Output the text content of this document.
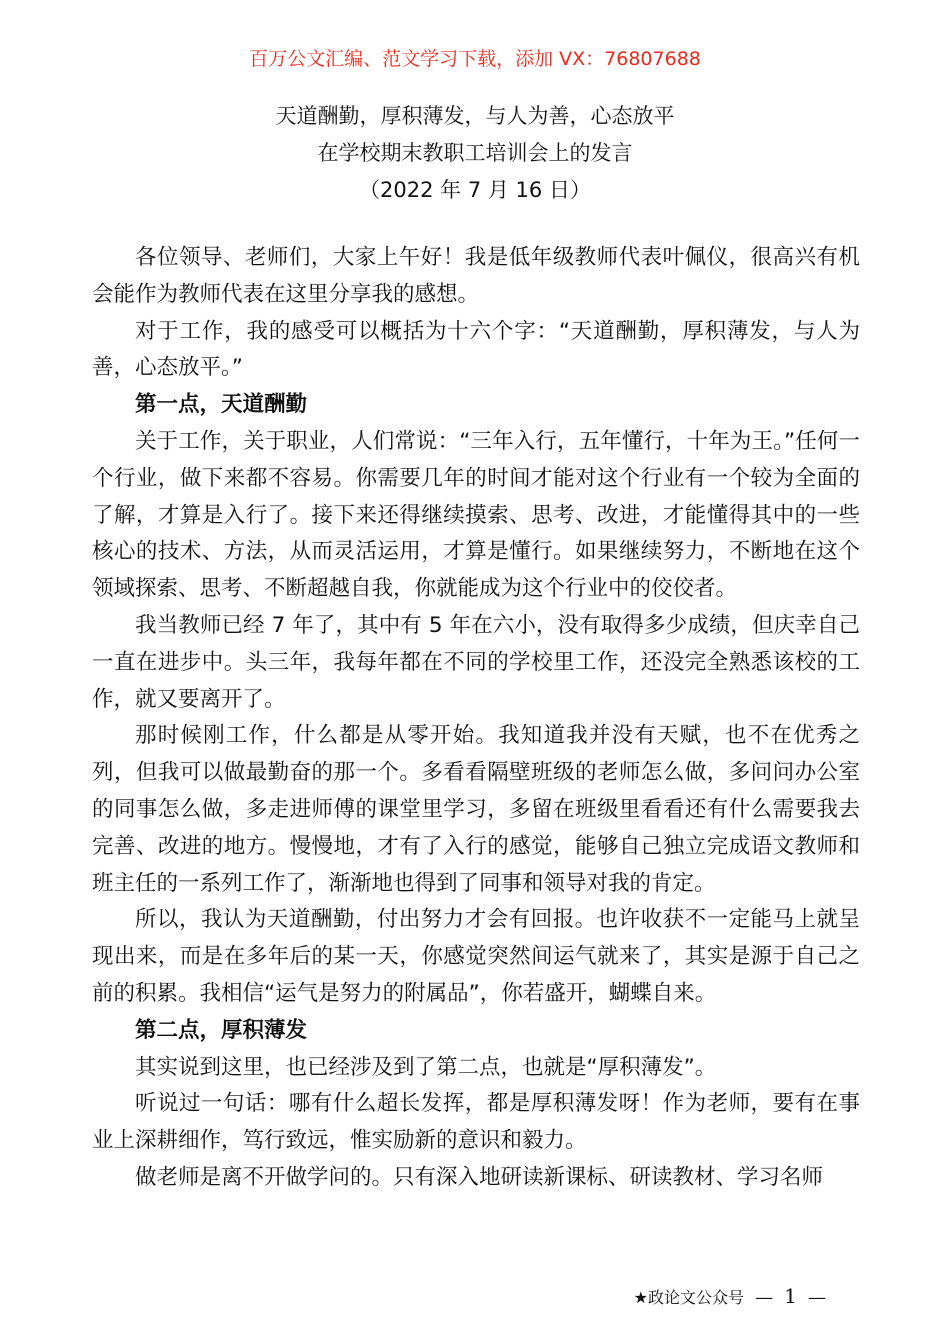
百万公文汇编、范文学习下载，添加 VX：76807688
天道酬勤，厚积薄发，与人为善，心态放平
在学校期末教职工培训会上的发言
（2022 年 7 月 16 日）

各位领导、老师们，大家上午好！我是低年级教师代表叶佩仪，很高兴有机会能作为教师代表在这里分享我的感想。

对于工作，我的感受可以概括为十六个字：“天道酬勤，厚积薄发，与人为善，心态放平。”

第一点，天道酬勤

关于工作，关于职业，人们常说：“三年入行，五年懂行，十年为王。”任何一个行业，做下来都不容易。你需要几年的时间才能对这个行业有一个较为全面的了解，才算是入行了。接下来还得继续摸索、思考、改进，才能懂得其中的一些核心的技术、方法，从而灵活运用，才算是懂行。如果继续努力，不断地在这个领域探索、思考、不断超越自我，你就能成为这个行业中的佼佼者。

我当教师已经 7 年了，其中有 5 年在六小，没有取得多少成绩，但庆幸自己一直在进步中。头三年，我每年都在不同的学校里工作，还没完全熟悉该校的工作，就又要离开了。

那时候刚工作，什么都是从零开始。我知道我并没有天赋，也不在优秀之列，但我可以做最勤奋的那一个。多看看隔壁班级的老师怎么做，多问问办公室的同事怎么做，多走进师傅的课堂里学习，多留在班级里看看还有什么需要我去完善、改进的地方。慢慢地，才有了入行的感觉，能够自己独立完成语文教师和班主任的一系列工作了，渐渐地也得到了同事和领导对我的肯定。

所以，我认为天道酬勤，付出努力才会有回报。也许收获不一定能马上就呈现出来，而是在多年后的某一天，你感觉突然间运气就来了，其实是源于自己之前的积累。我相信“运气是努力的附属品”，你若盛开，蝴蝶自来。

第二点，厚积薄发

其实说到这里，也已经涉及到了第二点，也就是“厚积薄发”。

听说过一句话：哪有什么超长发挥，都是厚积薄发呀！作为老师，要有在事业上深耕细作，笃行致远，惟实励新的意识和毅力。

做老师是离不开做学问的。只有深入地研读新课标、研读教材、学习名师

★政论文公众号 — 1 —
